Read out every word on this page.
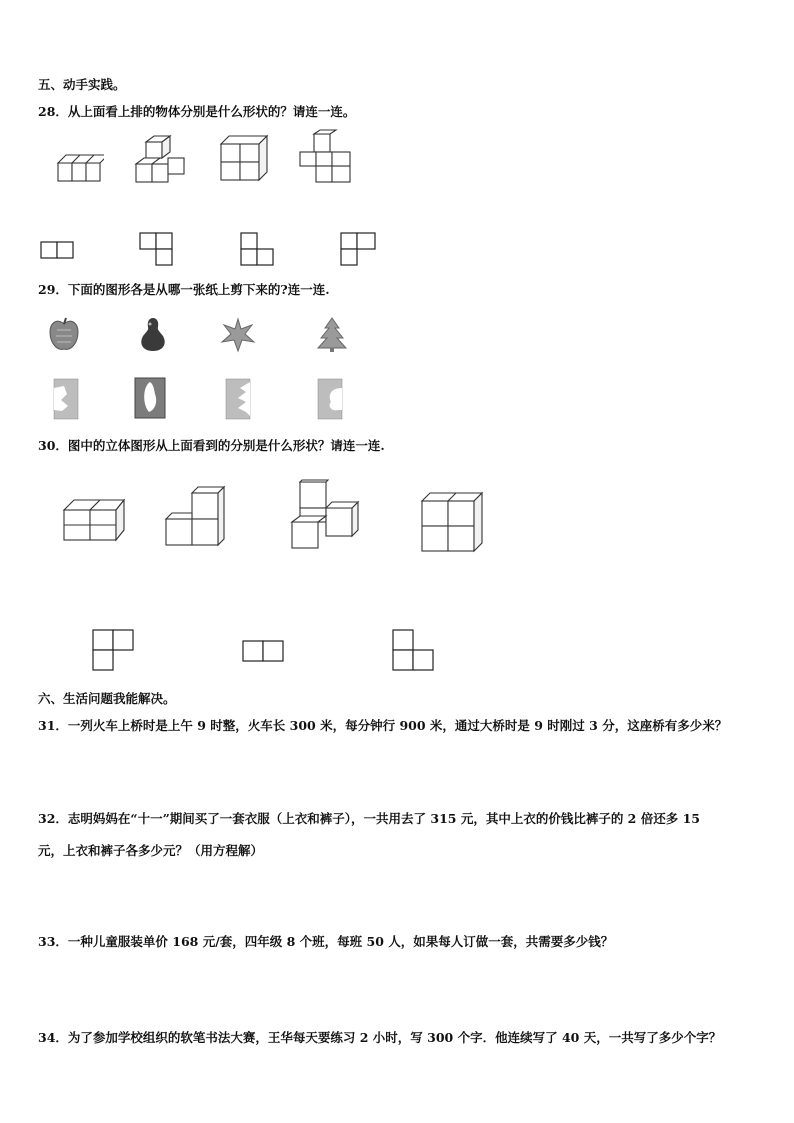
五、动手实践。
28．从上面看上排的物体分别是什么形状的？请连一连。
29．下面的图形各是从哪一张纸上剪下来的?连一连.
30．图中的立体图形从上面看到的分别是什么形状？请连一连.
六、生活问题我能解决。
31．一列火车上桥时是上午 9 时整，火车长 300 米，每分钟行 900 米，通过大桥时是 9 时刚过 3 分，这座桥有多少米？
32．志明妈妈在“十一”期间买了一套衣服（上衣和裤子），一共用去了 315 元，其中上衣的价钱比裤子的 2 倍还多 15
元，上衣和裤子各多少元？（用方程解）
33．一种儿童服装单价 168 元/套，四年级 8 个班，每班 50 人，如果每人订做一套，共需要多少钱？
34．为了参加学校组织的软笔书法大赛，王华每天要练习 2 小时，写 300 个字．他连续写了 40 天，一共写了多少个字？
